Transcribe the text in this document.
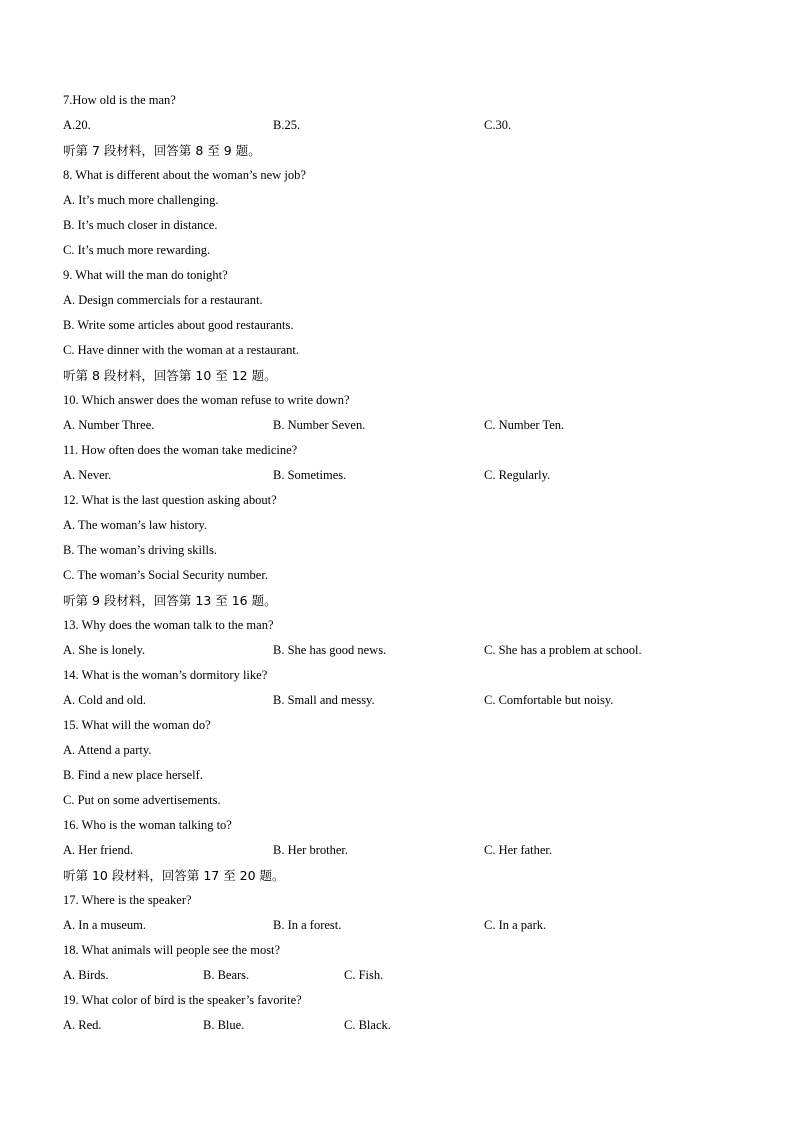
7.How old is the man?
A.20.	B.25.	C.30.
听第 7 段材料，回答第 8 至 9 题。
8. What is different about the woman’s new job?
A. It’s much more challenging.
B. It’s much closer in distance.
C. It’s much more rewarding.
9. What will the man do tonight?
A. Design commercials for a restaurant.
B. Write some articles about good restaurants.
C. Have dinner with the woman at a restaurant.
听第 8 段材料，回答第 10 至 12 题。
10. Which answer does the woman refuse to write down?
A. Number Three.	B. Number Seven.	C. Number Ten.
11. How often does the woman take medicine?
A. Never.	B. Sometimes.	C. Regularly.
12. What is the last question asking about?
A. The woman’s law history.
B. The woman’s driving skills.
C. The woman’s Social Security number.
听第 9 段材料，回答第 13 至 16 题。
13. Why does the woman talk to the man?
A. She is lonely.	B. She has good news.	C. She has a problem at school.
14. What is the woman’s dormitory like?
A. Cold and old.	B. Small and messy.	C. Comfortable but noisy.
15. What will the woman do?
A. Attend a party.
B. Find a new place herself.
C. Put on some advertisements.
16. Who is the woman talking to?
A. Her friend.	B. Her brother.	C. Her father.
听第 10 段材料，回答第 17 至 20 题。
17. Where is the speaker?
A. In a museum.	B. In a forest.	C. In a park.
18. What animals will people see the most?
A. Birds.	B. Bears.	C. Fish.
19. What color of bird is the speaker’s favorite?
A. Red.	B. Blue.	C. Black.
